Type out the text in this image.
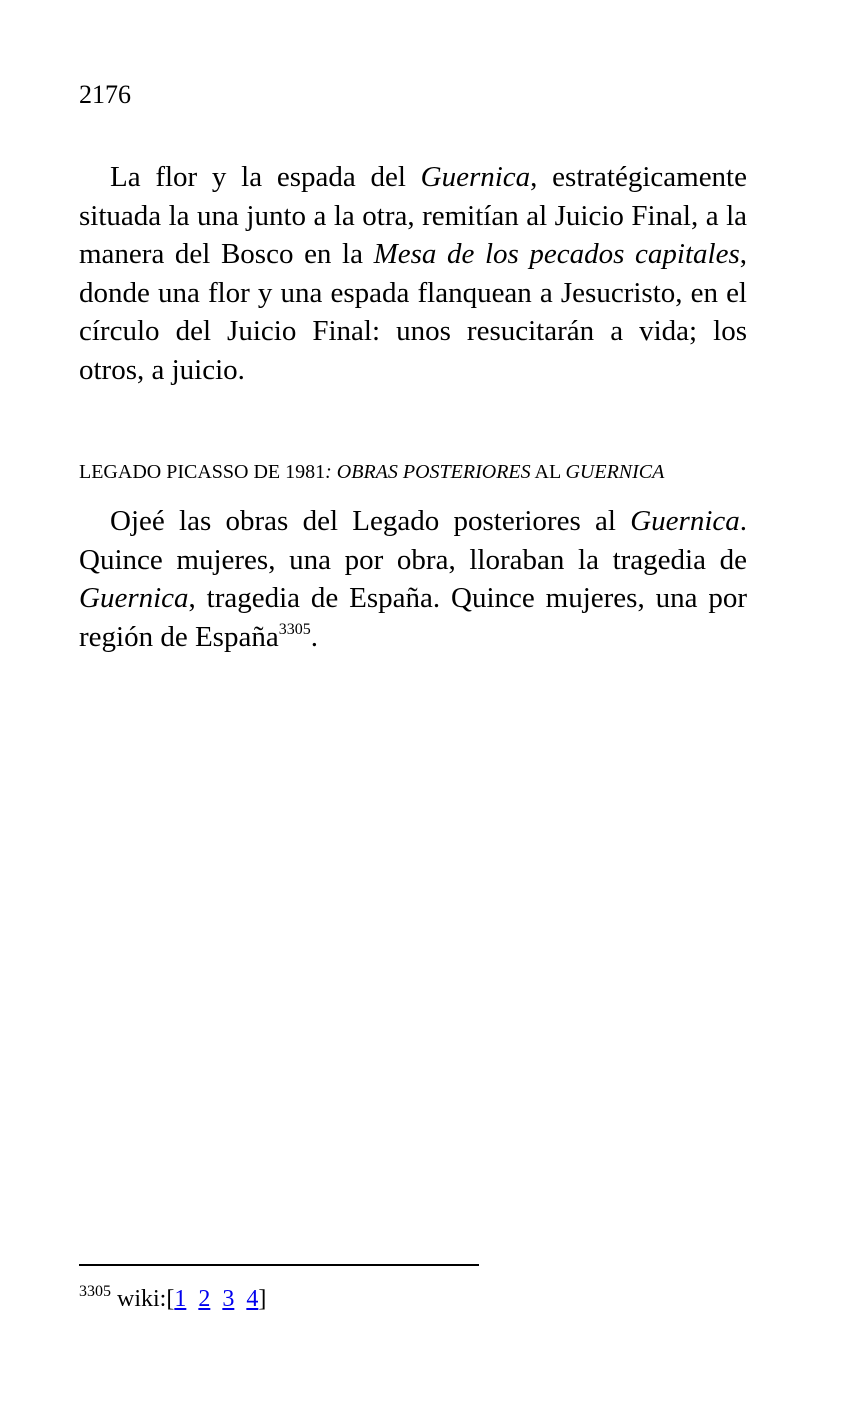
2176

La flor y la espada del Guernica, estratégicamente situada la una junto a la otra, remitían al Juicio Final, a la manera del Bosco en la Mesa de los pecados capitales, donde una flor y una espada flanquean a Jesucristo, en el círculo del Juicio Final: unos resucitarán a vida; los otros, a juicio.

LEGADO PICASSO DE 1981: OBRAS POSTERIORES AL GUERNICA

Ojeé las obras del Legado posteriores al Guernica. Quince mujeres, una por obra, lloraban la tragedia de Guernica, tragedia de España. Quince mujeres, una por región de España$^{3305}$.

$^{3305}$ wiki:[1 2 3 4]
